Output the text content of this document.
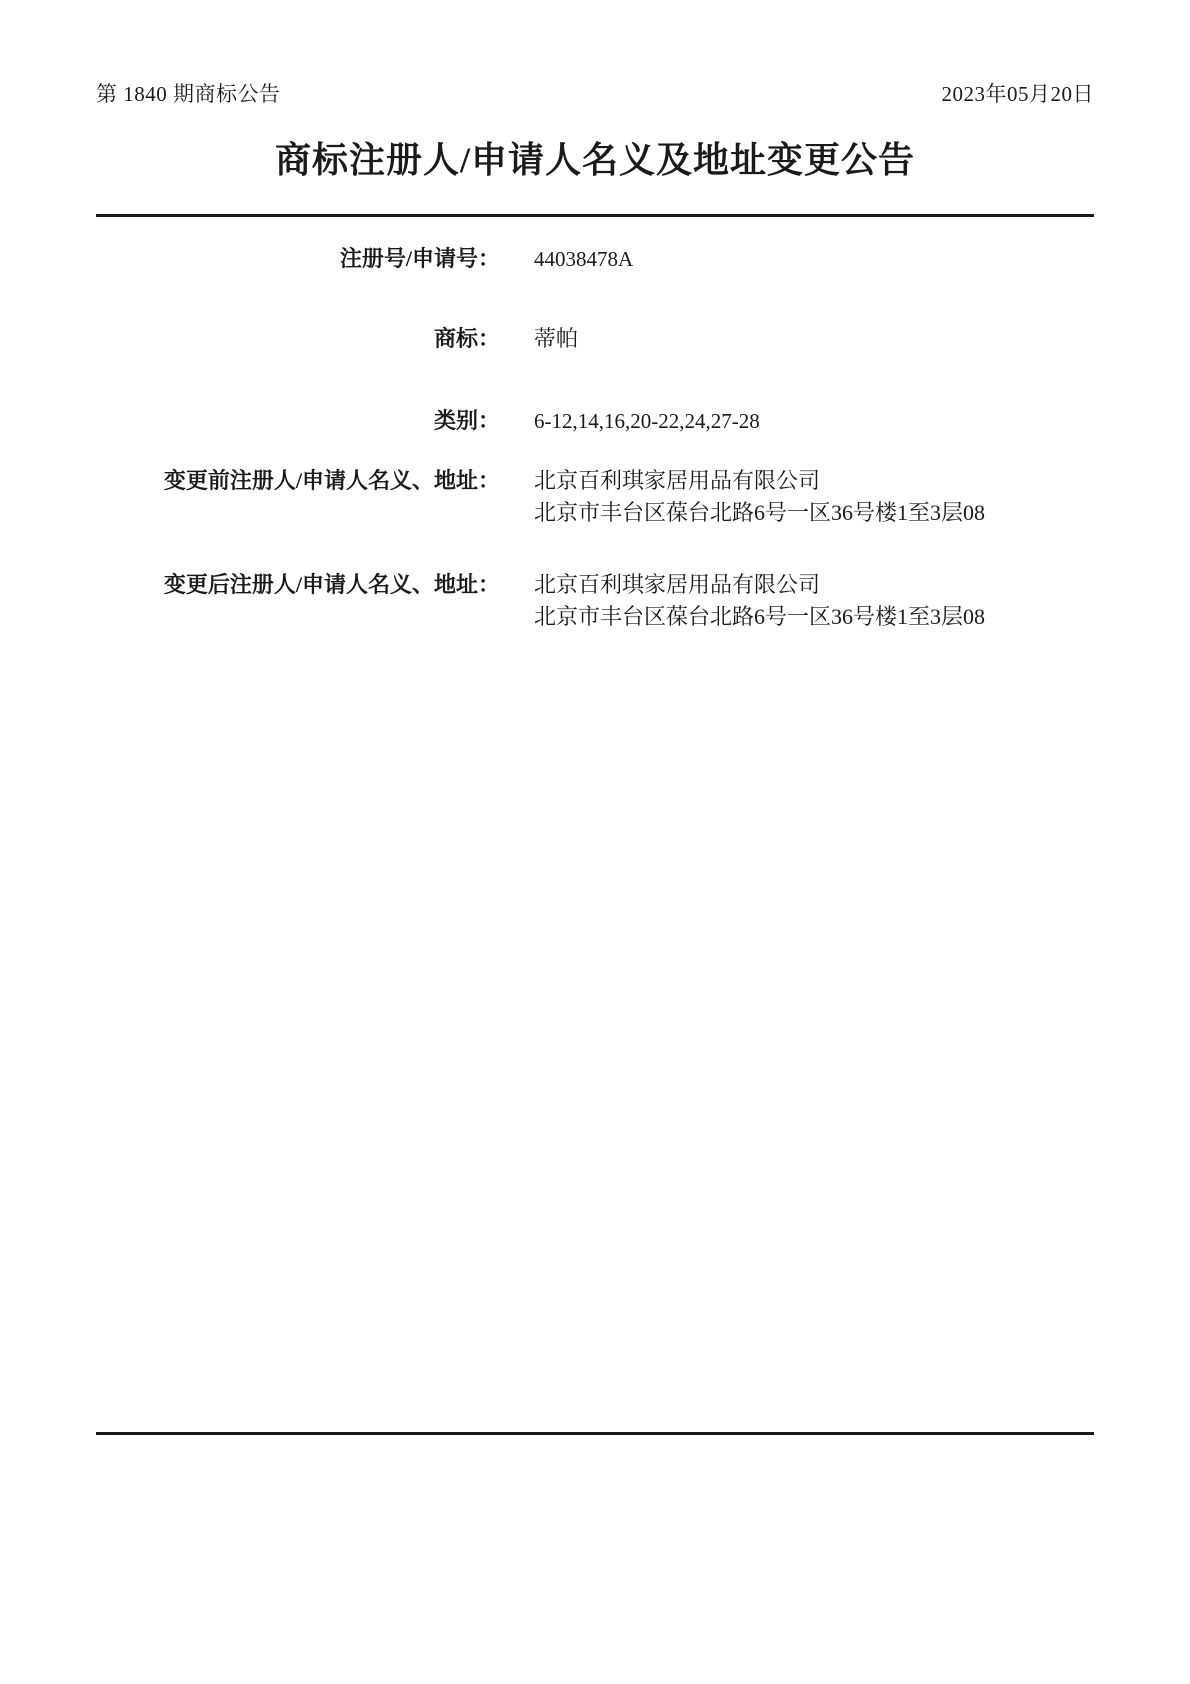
第 1840 期商标公告	2023年05月20日
商标注册人/申请人名义及地址变更公告
注册号/申请号： 44038478A
商标： 蒂帕
类别： 6-12,14,16,20-22,24,27-28
变更前注册人/申请人名义、地址： 北京百利琪家居用品有限公司
北京市丰台区葆台北路6号一区36号楼1至3层08
变更后注册人/申请人名义、地址： 北京百利琪家居用品有限公司
北京市丰台区葆台北路6号一区36号楼1至3层08
